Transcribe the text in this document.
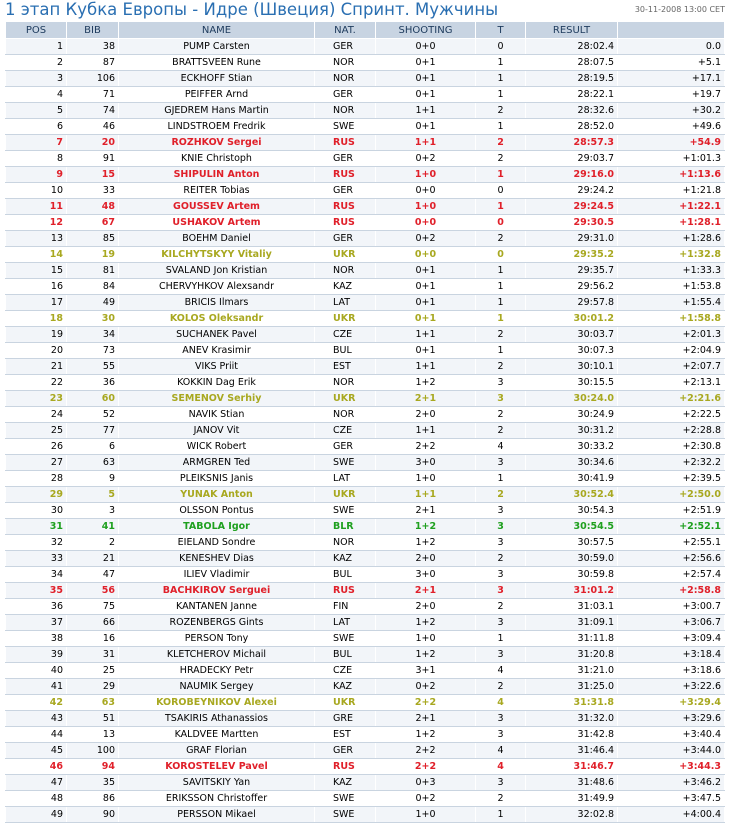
1 этап Кубка Европы - Идре (Швеция) Спринт. Мужчины	30-11-2008 13:00 CET
POS	BIB	NAME	NAT.	SHOOTING	T	RESULT	
1	38	PUMP Carsten	GER	0+0	0	28:02.4	0.0
2	87	BRATTSVEEN Rune	NOR	0+1	1	28:07.5	+5.1
3	106	ECKHOFF Stian	NOR	0+1	1	28:19.5	+17.1
4	71	PEIFFER Arnd	GER	0+1	1	28:22.1	+19.7
5	74	GJEDREM Hans Martin	NOR	1+1	2	28:32.6	+30.2
6	46	LINDSTROEM Fredrik	SWE	0+1	1	28:52.0	+49.6
7	20	ROZHKOV Sergei	RUS	1+1	2	28:57.3	+54.9
8	91	KNIE Christoph	GER	0+2	2	29:03.7	+1:01.3
9	15	SHIPULIN Anton	RUS	1+0	1	29:16.0	+1:13.6
10	33	REITER Tobias	GER	0+0	0	29:24.2	+1:21.8
11	48	GOUSSEV Artem	RUS	1+0	1	29:24.5	+1:22.1
12	67	USHAKOV Artem	RUS	0+0	0	29:30.5	+1:28.1
13	85	BOEHM Daniel	GER	0+2	2	29:31.0	+1:28.6
14	19	KILCHYTSKYY Vitaliy	UKR	0+0	0	29:35.2	+1:32.8
15	81	SVALAND Jon Kristian	NOR	0+1	1	29:35.7	+1:33.3
16	84	CHERVYHKOV Alexsandr	KAZ	0+1	1	29:56.2	+1:53.8
17	49	BRICIS Ilmars	LAT	0+1	1	29:57.8	+1:55.4
18	30	KOLOS Oleksandr	UKR	0+1	1	30:01.2	+1:58.8
19	34	SUCHANEK Pavel	CZE	1+1	2	30:03.7	+2:01.3
20	73	ANEV Krasimir	BUL	0+1	1	30:07.3	+2:04.9
21	55	VIKS Priit	EST	1+1	2	30:10.1	+2:07.7
22	36	KOKKIN Dag Erik	NOR	1+2	3	30:15.5	+2:13.1
23	60	SEMENOV Serhiy	UKR	2+1	3	30:24.0	+2:21.6
24	52	NAVIK Stian	NOR	2+0	2	30:24.9	+2:22.5
25	77	JANOV Vit	CZE	1+1	2	30:31.2	+2:28.8
26	6	WICK Robert	GER	2+2	4	30:33.2	+2:30.8
27	63	ARMGREN Ted	SWE	3+0	3	30:34.6	+2:32.2
28	9	PLEIKSNIS Janis	LAT	1+0	1	30:41.9	+2:39.5
29	5	YUNAK Anton	UKR	1+1	2	30:52.4	+2:50.0
30	3	OLSSON Pontus	SWE	2+1	3	30:54.3	+2:51.9
31	41	TABOLA Igor	BLR	1+2	3	30:54.5	+2:52.1
32	2	EIELAND Sondre	NOR	1+2	3	30:57.5	+2:55.1
33	21	KENESHEV Dias	KAZ	2+0	2	30:59.0	+2:56.6
34	47	ILIEV Vladimir	BUL	3+0	3	30:59.8	+2:57.4
35	56	BACHKIROV Serguei	RUS	2+1	3	31:01.2	+2:58.8
36	75	KANTANEN Janne	FIN	2+0	2	31:03.1	+3:00.7
37	66	ROZENBERGS Gints	LAT	1+2	3	31:09.1	+3:06.7
38	16	PERSON Tony	SWE	1+0	1	31:11.8	+3:09.4
39	31	KLETCHEROV Michail	BUL	1+2	3	31:20.8	+3:18.4
40	25	HRADECKY Petr	CZE	3+1	4	31:21.0	+3:18.6
41	29	NAUMIK Sergey	KAZ	0+2	2	31:25.0	+3:22.6
42	63	KOROBEYNIKOV Alexei	UKR	2+2	4	31:31.8	+3:29.4
43	51	TSAKIRIS Athanassios	GRE	2+1	3	31:32.0	+3:29.6
44	13	KALDVEE Martten	EST	1+2	3	31:42.8	+3:40.4
45	100	GRAF Florian	GER	2+2	4	31:46.4	+3:44.0
46	94	KOROSTELEV Pavel	RUS	2+2	4	31:46.7	+3:44.3
47	35	SAVITSKIY Yan	KAZ	0+3	3	31:48.6	+3:46.2
48	86	ERIKSSON Christoffer	SWE	0+2	2	31:49.9	+3:47.5
49	90	PERSSON Mikael	SWE	1+0	1	32:02.8	+4:00.4
